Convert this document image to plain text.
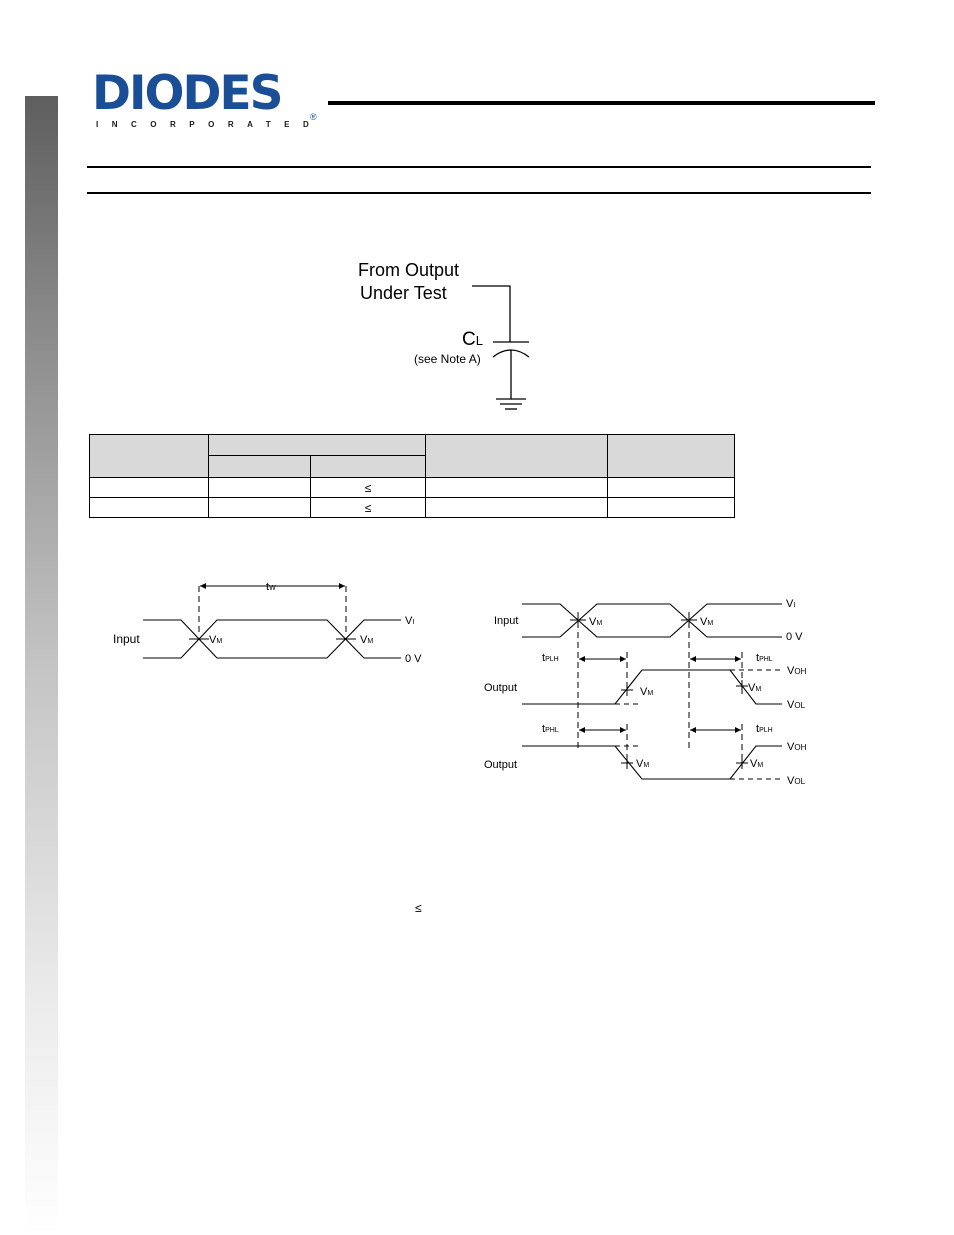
DIODES
INCORPORATED
®
From Output
Under Test
CL
(see Note A)

		≤		
		≤		
tW
Input	VM	VM
VI
0 V
Input
Output
Output
VI
0 V
VM	VM
VM	VM
VM	VM
tPLH	tPHL
tPHL	tPLH
VOH
VOL
VOH
VOL
≤
